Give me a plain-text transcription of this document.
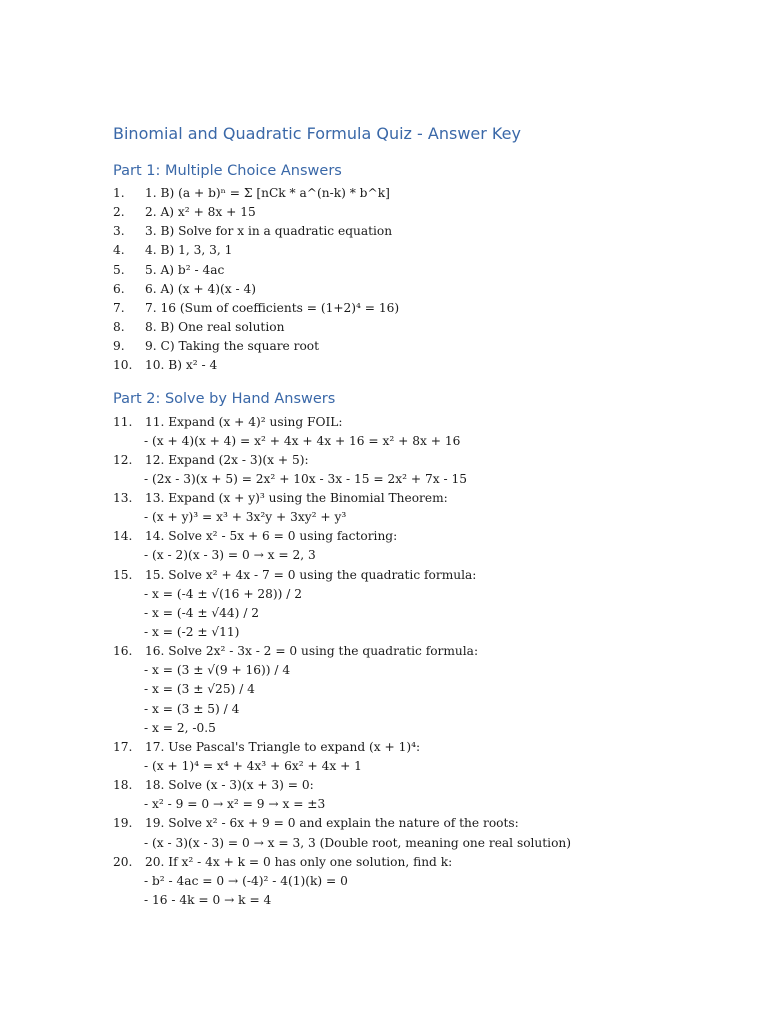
Binomial and Quadratic Formula Quiz - Answer Key
Part 1: Multiple Choice Answers
1. 1. B) (a + b)ⁿ = Σ [nCk * a^(n-k) * b^k]
2. 2. A) x² + 8x + 15
3. 3. B) Solve for x in a quadratic equation
4. 4. B) 1, 3, 3, 1
5. 5. A) b² - 4ac
6. 6. A) (x + 4)(x - 4)
7. 7. 16 (Sum of coefficients = (1+2)⁴ = 16)
8. 8. B) One real solution
9. 9. C) Taking the square root
10. 10. B) x² - 4
Part 2: Solve by Hand Answers
11. 11. Expand (x + 4)² using FOIL:
- (x + 4)(x + 4) = x² + 4x + 4x + 16 = x² + 8x + 16
12. 12. Expand (2x - 3)(x + 5):
- (2x - 3)(x + 5) = 2x² + 10x - 3x - 15 = 2x² + 7x - 15
13. 13. Expand (x + y)³ using the Binomial Theorem:
- (x + y)³ = x³ + 3x²y + 3xy² + y³
14. 14. Solve x² - 5x + 6 = 0 using factoring:
- (x - 2)(x - 3) = 0 → x = 2, 3
15. 15. Solve x² + 4x - 7 = 0 using the quadratic formula:
- x = (-4 ± √(16 + 28)) / 2
- x = (-4 ± √44) / 2
- x = (-2 ± √11)
16. 16. Solve 2x² - 3x - 2 = 0 using the quadratic formula:
- x = (3 ± √(9 + 16)) / 4
- x = (3 ± √25) / 4
- x = (3 ± 5) / 4
- x = 2, -0.5
17. 17. Use Pascal's Triangle to expand (x + 1)⁴:
- (x + 1)⁴ = x⁴ + 4x³ + 6x² + 4x + 1
18. 18. Solve (x - 3)(x + 3) = 0:
- x² - 9 = 0 → x² = 9 → x = ±3
19. 19. Solve x² - 6x + 9 = 0 and explain the nature of the roots:
- (x - 3)(x - 3) = 0 → x = 3, 3 (Double root, meaning one real solution)
20. 20. If x² - 4x + k = 0 has only one solution, find k:
- b² - 4ac = 0 → (-4)² - 4(1)(k) = 0
- 16 - 4k = 0 → k = 4
